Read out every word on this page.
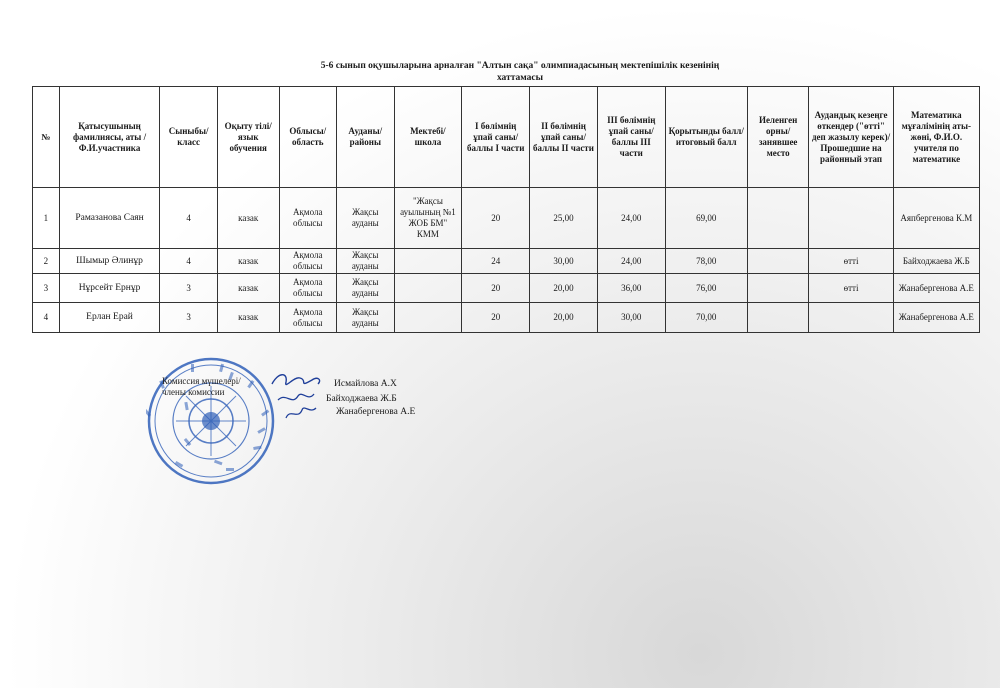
5-6 сынып оқушыларына арналған "Алтын сақа" олимпиадасының мектепішілік кезенінің
хаттамасы
№	Қатысушының фамилиясы, аты /Ф.И.участника	Сыныбы/класс	Оқыту тілі/ язык обучения	Облысы/ область	Ауданы/ районы	Мектебі/ школа	І бөлімнің ұпай саны/ баллы І части	ІІ бөлімнің ұпай саны/ баллы ІІ части	ІІІ бөлімнің ұпай саны/ баллы ІІІ части	Қорытынды балл/ итоговый балл	Иеленген орны/ занявшее место	Аудандық кезеңге өткендер ("өтті" деп жазылу керек)/ Прошедшие на районный этап	Математика мұғалімінің аты-жөні, Ф.И.О. учителя по математике
1	Рамазанова Саян	4	казак	Ақмола облысы	Жақсы ауданы	"Жақсы ауылының №1 ЖОБ БМ" КММ	20	25,00	24,00	69,00			Аяпбергенова К.М
2	Шымыр Әлинұр	4	казак	Ақмола облысы	Жақсы ауданы		24	30,00	24,00	78,00		өтті	Байходжаева Ж.Б
3	Нұрсейт Ернұр	3	казак	Ақмола облысы	Жақсы ауданы		20	20,00	36,00	76,00		өтті	Жанабергенова А.Е
4	Ерлан Ерай	3	казак	Ақмола облысы	Жақсы ауданы		20	20,00	30,00	70,00			Жанабергенова А.Е
Комиссия мүшелері/
члены комиссии
Исмайлова А.Х
Байходжаева Ж.Б
Жанабергенова А.Е
